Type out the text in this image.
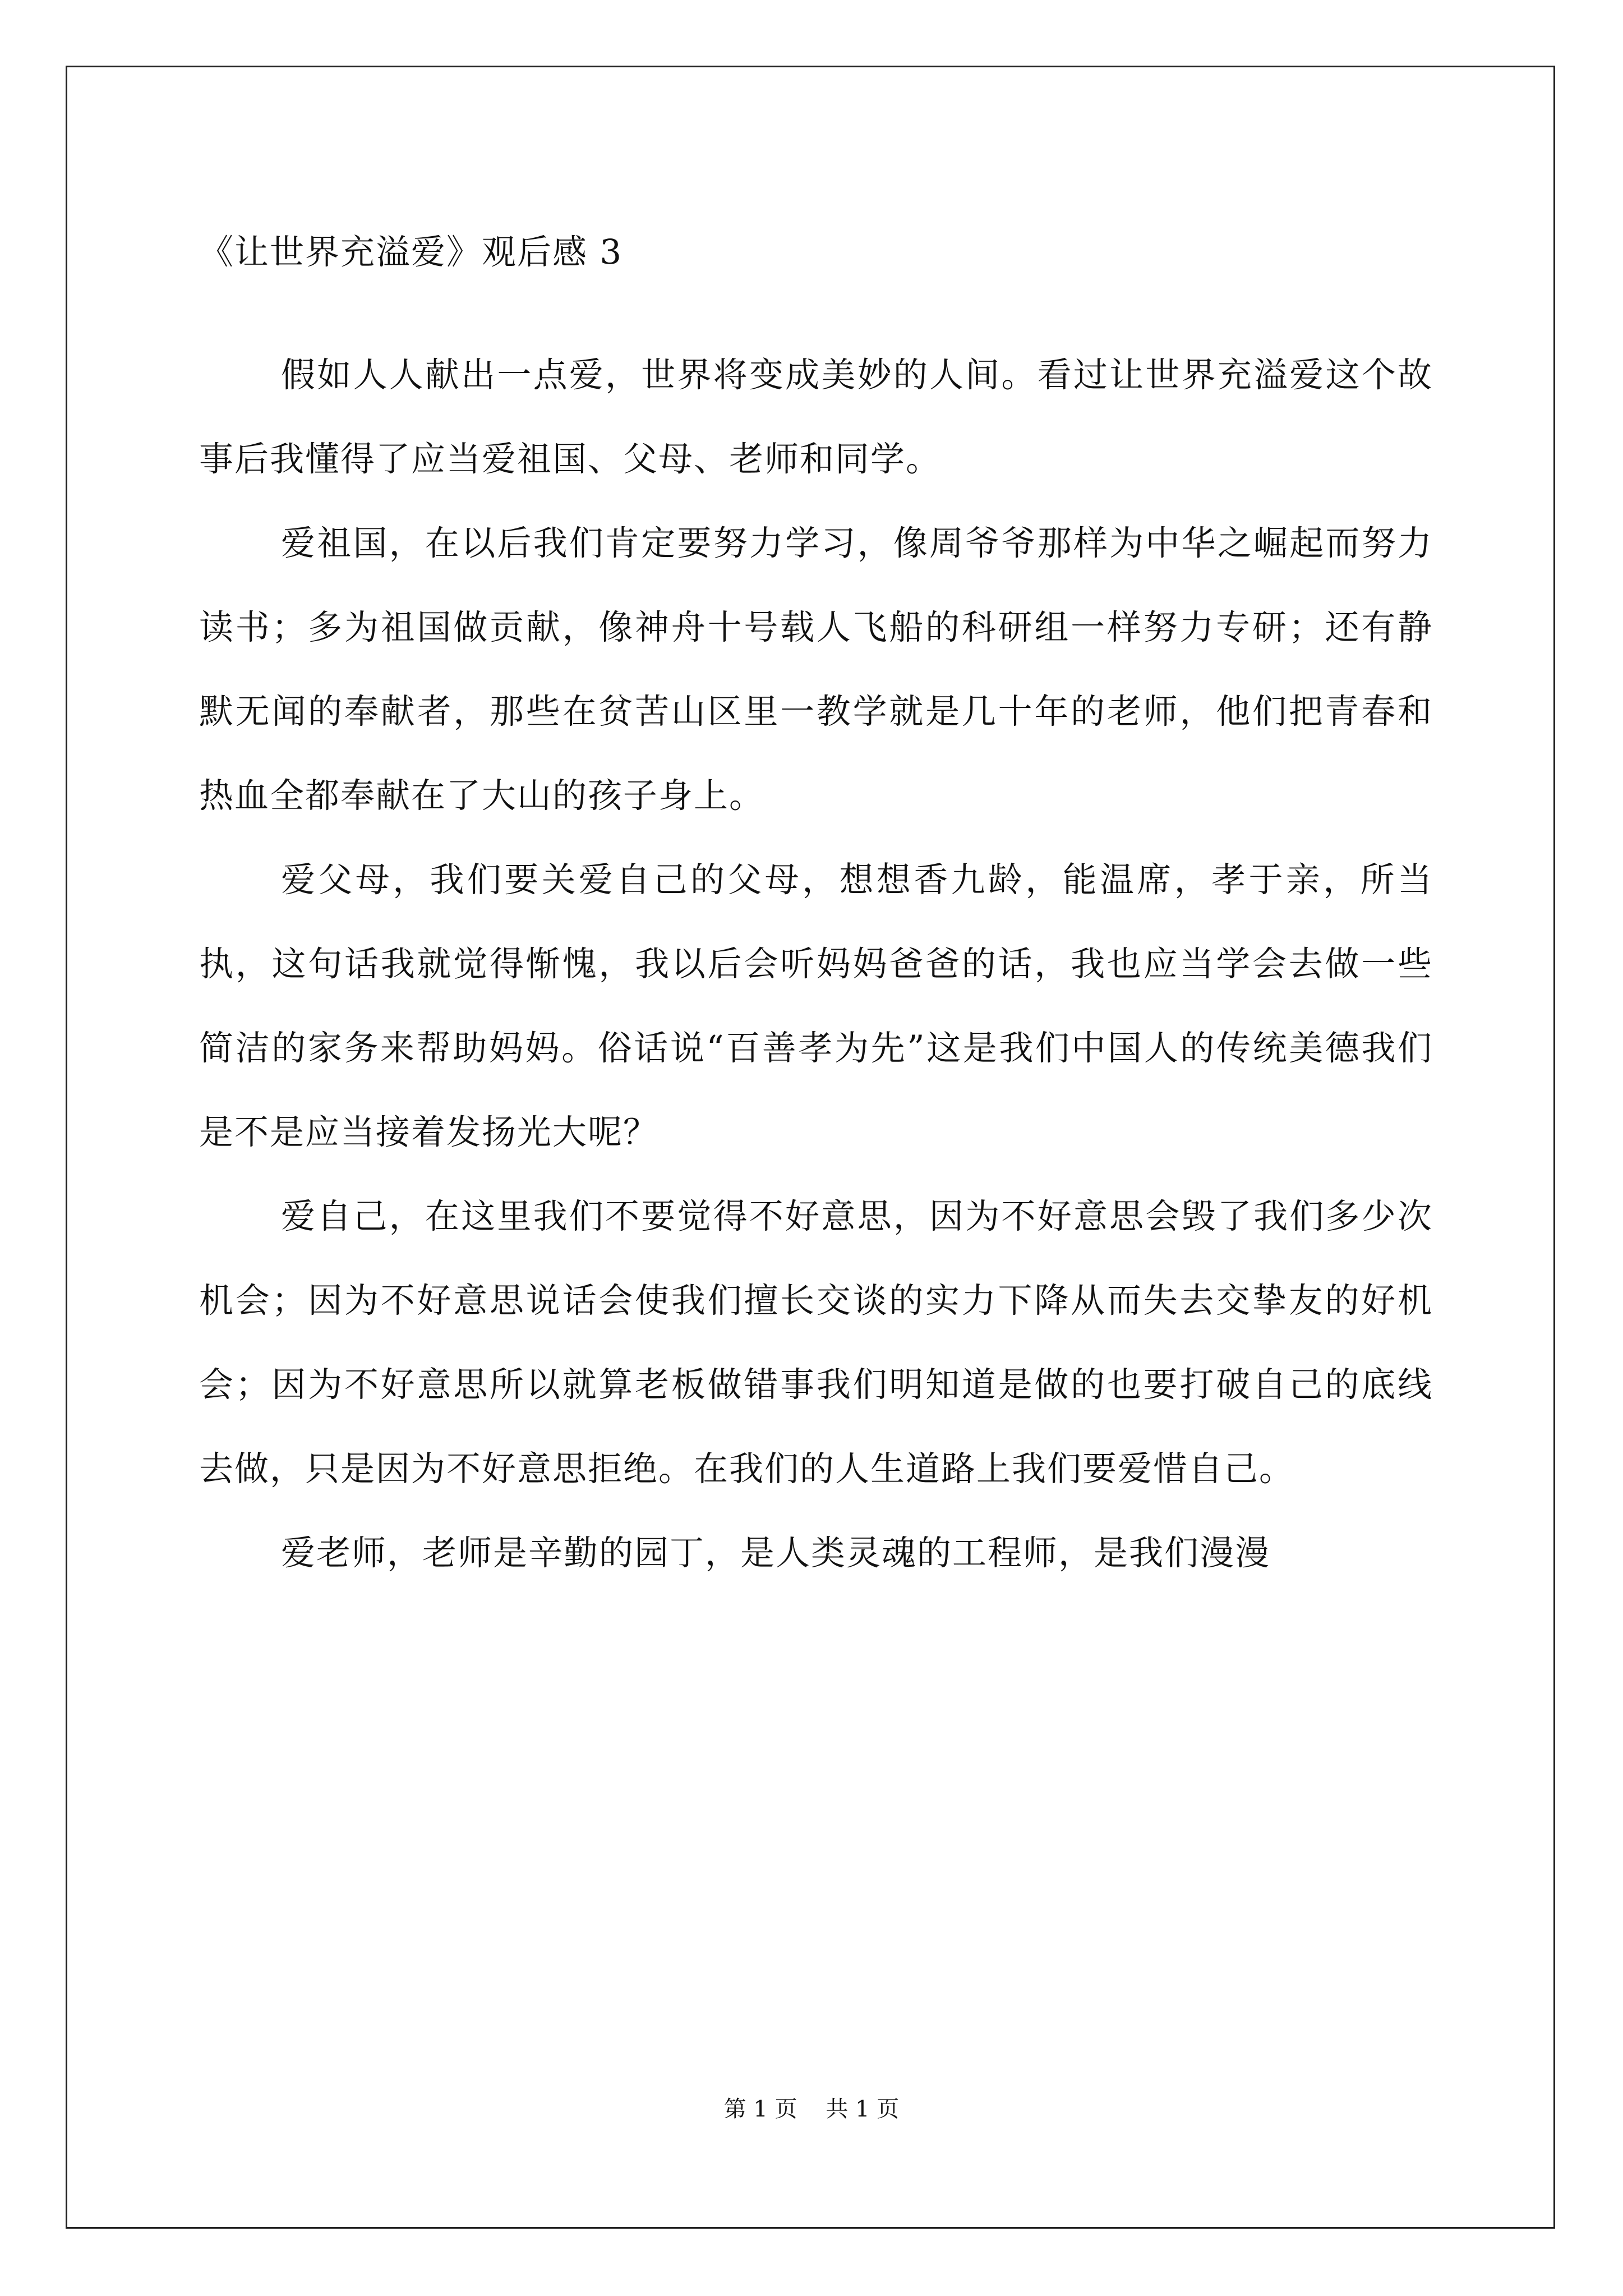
《让世界充溢爱》观后感 3

假如人人献出一点爱，世界将变成美妙的人间。看过让世界充溢爱这个故事后我懂得了应当爱祖国、父母、老师和同学。

爱祖国，在以后我们肯定要努力学习，像周爷爷那样为中华之崛起而努力读书；多为祖国做贡献，像神舟十号载人飞船的科研组一样努力专研；还有静默无闻的奉献者，那些在贫苦山区里一教学就是几十年的老师，他们把青春和热血全都奉献在了大山的孩子身上。

爱父母，我们要关爱自己的父母，想想香九龄，能温席，孝于亲，所当执，这句话我就觉得惭愧，我以后会听妈妈爸爸的话，我也应当学会去做一些简洁的家务来帮助妈妈。俗话说“百善孝为先”这是我们中国人的传统美德我们是不是应当接着发扬光大呢？

爱自己，在这里我们不要觉得不好意思，因为不好意思会毁了我们多少次机会；因为不好意思说话会使我们擅长交谈的实力下降从而失去交挚友的好机会；因为不好意思所以就算老板做错事我们明知道是做的也要打破自己的底线去做，只是因为不好意思拒绝。在我们的人生道路上我们要爱惜自己。

爱老师，老师是辛勤的园丁，是人类灵魂的工程师，是我们漫漫

第 1 页    共 1 页
